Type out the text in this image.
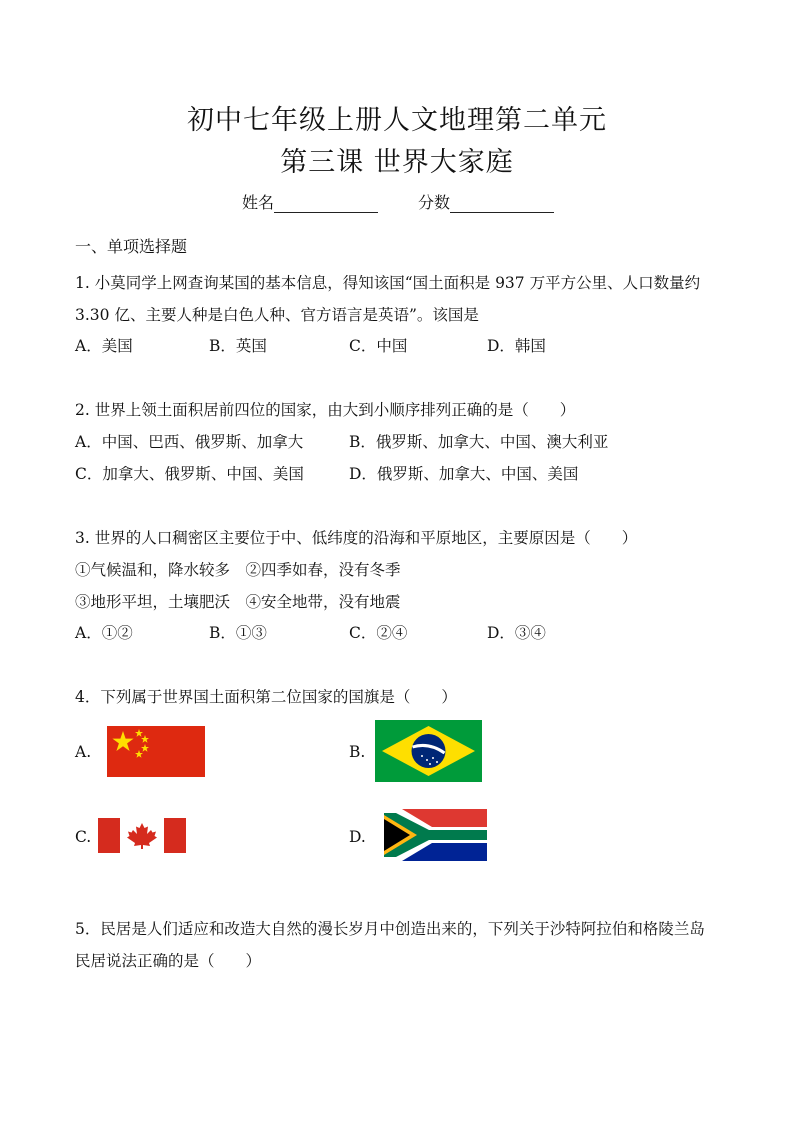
初中七年级上册人文地理第二单元
第三课 世界大家庭
姓名	分数
一、单项选择题
1. 小莫同学上网查询某国的基本信息，得知该国“国土面积是 937 万平方公里、人口数量约
3.30 亿、主要人种是白色人种、官方语言是英语”。该国是
A．美国	B．英国	C．中国	D．韩国
2. 世界上领土面积居前四位的国家，由大到小顺序排列正确的是（　　）
A．中国、巴西、俄罗斯、加拿大	B．俄罗斯、加拿大、中国、澳大利亚
C．加拿大、俄罗斯、中国、美国	D．俄罗斯、加拿大、中国、美国
3. 世界的人口稠密区主要位于中、低纬度的沿海和平原地区，主要原因是（　　）
①气候温和，降水较多　②四季如春，没有冬季
③地形平坦，土壤肥沃　④安全地带，没有地震
A．①②	B．①③	C．②④	D．③④
4．下列属于世界国土面积第二位国家的国旗是（　　）
A.	B.
C.	D.
5．民居是人们适应和改造大自然的漫长岁月中创造出来的，下列关于沙特阿拉伯和格陵兰岛
民居说法正确的是（　　）
